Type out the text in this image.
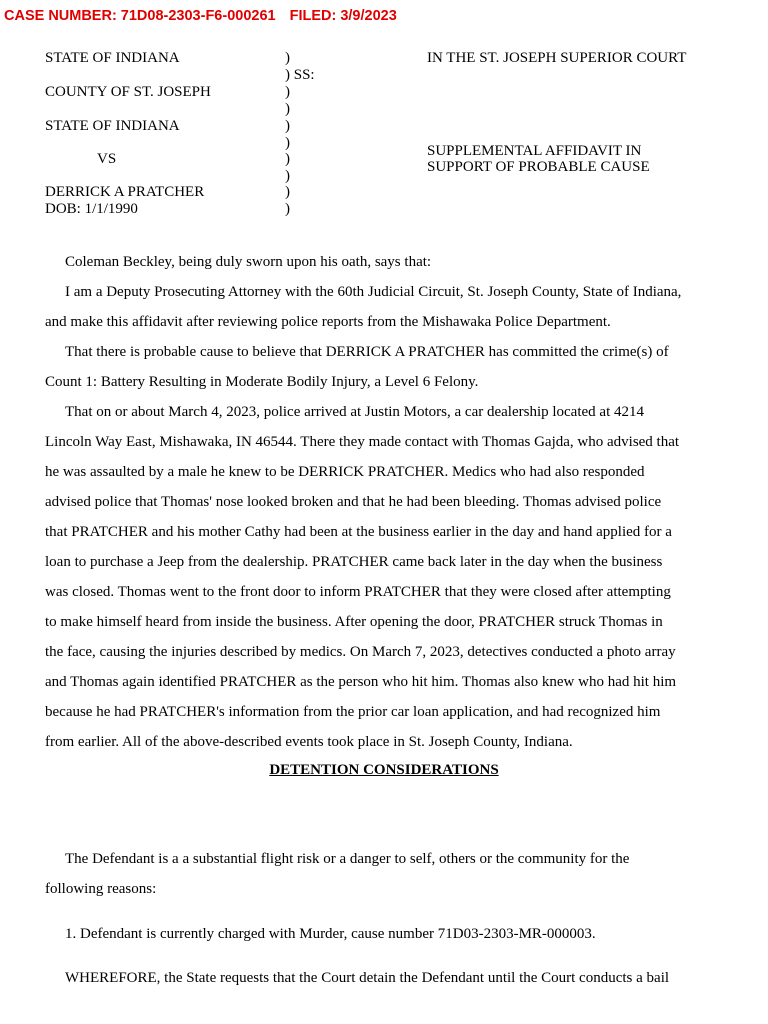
CASE NUMBER: 71D08-2303-F6-000261 FILED: 3/9/2023

STATE OF INDIANA

COUNTY OF ST. JOSEPH

STATE OF INDIANA

VS

DERRICK A PRATCHER

DOB: 1/1/1990

)

) SS:

)

)

)

)

)

)

)

)

IN THE ST. JOSEPH SUPERIOR COURT

SUPPLEMENTAL AFFIDAVIT IN

SUPPORT OF PROBABLE CAUSE

Coleman Beckley, being duly sworn upon his oath, says that:
I am a Deputy Prosecuting Attorney with the 60th Judicial Circuit, St. Joseph County, State of Indiana,
and make this affidavit after reviewing police reports from the Mishawaka Police Department.
That there is probable cause to believe that DERRICK A PRATCHER has committed the crime(s) of
Count 1: Battery Resulting in Moderate Bodily Injury, a Level 6 Felony.
That on or about March 4, 2023, police arrived at Justin Motors, a car dealership located at 4214
Lincoln Way East, Mishawaka, IN 46544. There they made contact with Thomas Gajda, who advised that
he was assaulted by a male he knew to be DERRICK PRATCHER. Medics who had also responded
advised police that Thomas' nose looked broken and that he had been bleeding. Thomas advised police
that PRATCHER and his mother Cathy had been at the business earlier in the day and hand applied for a
loan to purchase a Jeep from the dealership. PRATCHER came back later in the day when the business
was closed. Thomas went to the front door to inform PRATCHER that they were closed after attempting
to make himself heard from inside the business. After opening the door, PRATCHER struck Thomas in
the face, causing the injuries described by medics. On March 7, 2023, detectives conducted a photo array
and Thomas again identified PRATCHER as the person who hit him. Thomas also knew who had hit him
because he had PRATCHER's information from the prior car loan application, and had recognized him
from earlier. All of the above-described events took place in St. Joseph County, Indiana.
DETENTION CONSIDERATIONS
The Defendant is a a substantial flight risk or a danger to self, others or the community for the
following reasons:
1. Defendant is currently charged with Murder, cause number 71D03-2303-MR-000003.
WHEREFORE, the State requests that the Court detain the Defendant until the Court conducts a bail
